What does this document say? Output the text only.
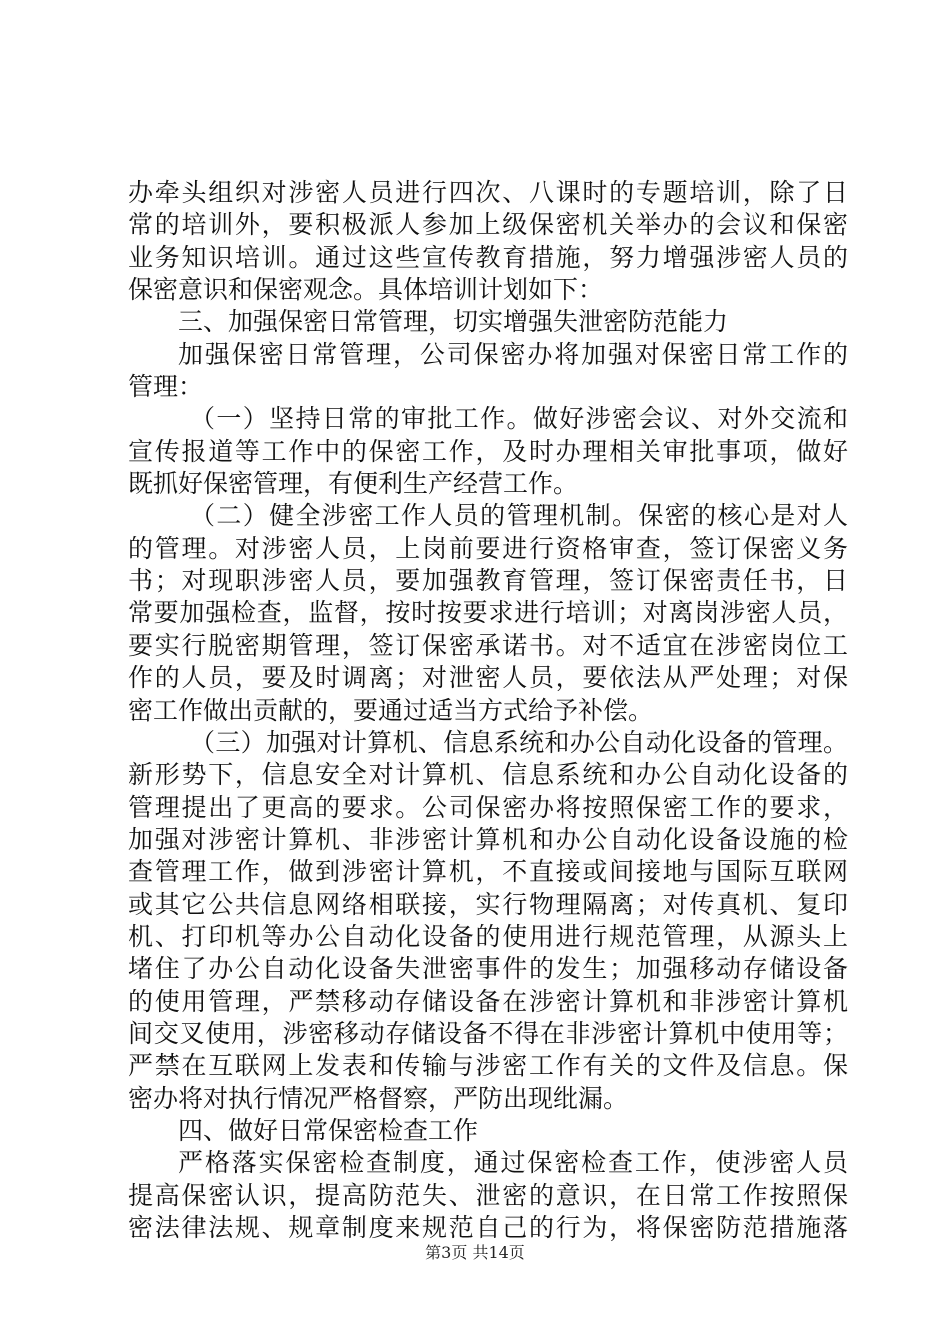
办牵头组织对涉密人员进行四次、八课时的专题培训，除了日
常的培训外，要积极派人参加上级保密机关举办的会议和保密
业务知识培训。通过这些宣传教育措施，努力增强涉密人员的
保密意识和保密观念。具体培训计划如下：
三、加强保密日常管理，切实增强失泄密防范能力
加强保密日常管理，公司保密办将加强对保密日常工作的
管理：
（一）坚持日常的审批工作。做好涉密会议、对外交流和
宣传报道等工作中的保密工作，及时办理相关审批事项，做好
既抓好保密管理，有便利生产经营工作。
（二）健全涉密工作人员的管理机制。保密的核心是对人
的管理。对涉密人员，上岗前要进行资格审查，签订保密义务
书；对现职涉密人员，要加强教育管理，签订保密责任书，日
常要加强检查，监督，按时按要求进行培训；对离岗涉密人员，
要实行脱密期管理，签订保密承诺书。对不适宜在涉密岗位工
作的人员，要及时调离；对泄密人员，要依法从严处理；对保
密工作做出贡献的，要通过适当方式给予补偿。
（三）加强对计算机、信息系统和办公自动化设备的管理。
新形势下，信息安全对计算机、信息系统和办公自动化设备的
管理提出了更高的要求。公司保密办将按照保密工作的要求，
加强对涉密计算机、非涉密计算机和办公自动化设备设施的检
查管理工作，做到涉密计算机，不直接或间接地与国际互联网
或其它公共信息网络相联接，实行物理隔离；对传真机、复印
机、打印机等办公自动化设备的使用进行规范管理，从源头上
堵住了办公自动化设备失泄密事件的发生；加强移动存储设备
的使用管理，严禁移动存储设备在涉密计算机和非涉密计算机
间交叉使用，涉密移动存储设备不得在非涉密计算机中使用等；
严禁在互联网上发表和传输与涉密工作有关的文件及信息。保
密办将对执行情况严格督察，严防出现纰漏。
四、做好日常保密检查工作
严格落实保密检查制度，通过保密检查工作，使涉密人员
提高保密认识，提高防范失、泄密的意识，在日常工作按照保
密法律法规、规章制度来规范自己的行为，将保密防范措施落
第3页 共14页
